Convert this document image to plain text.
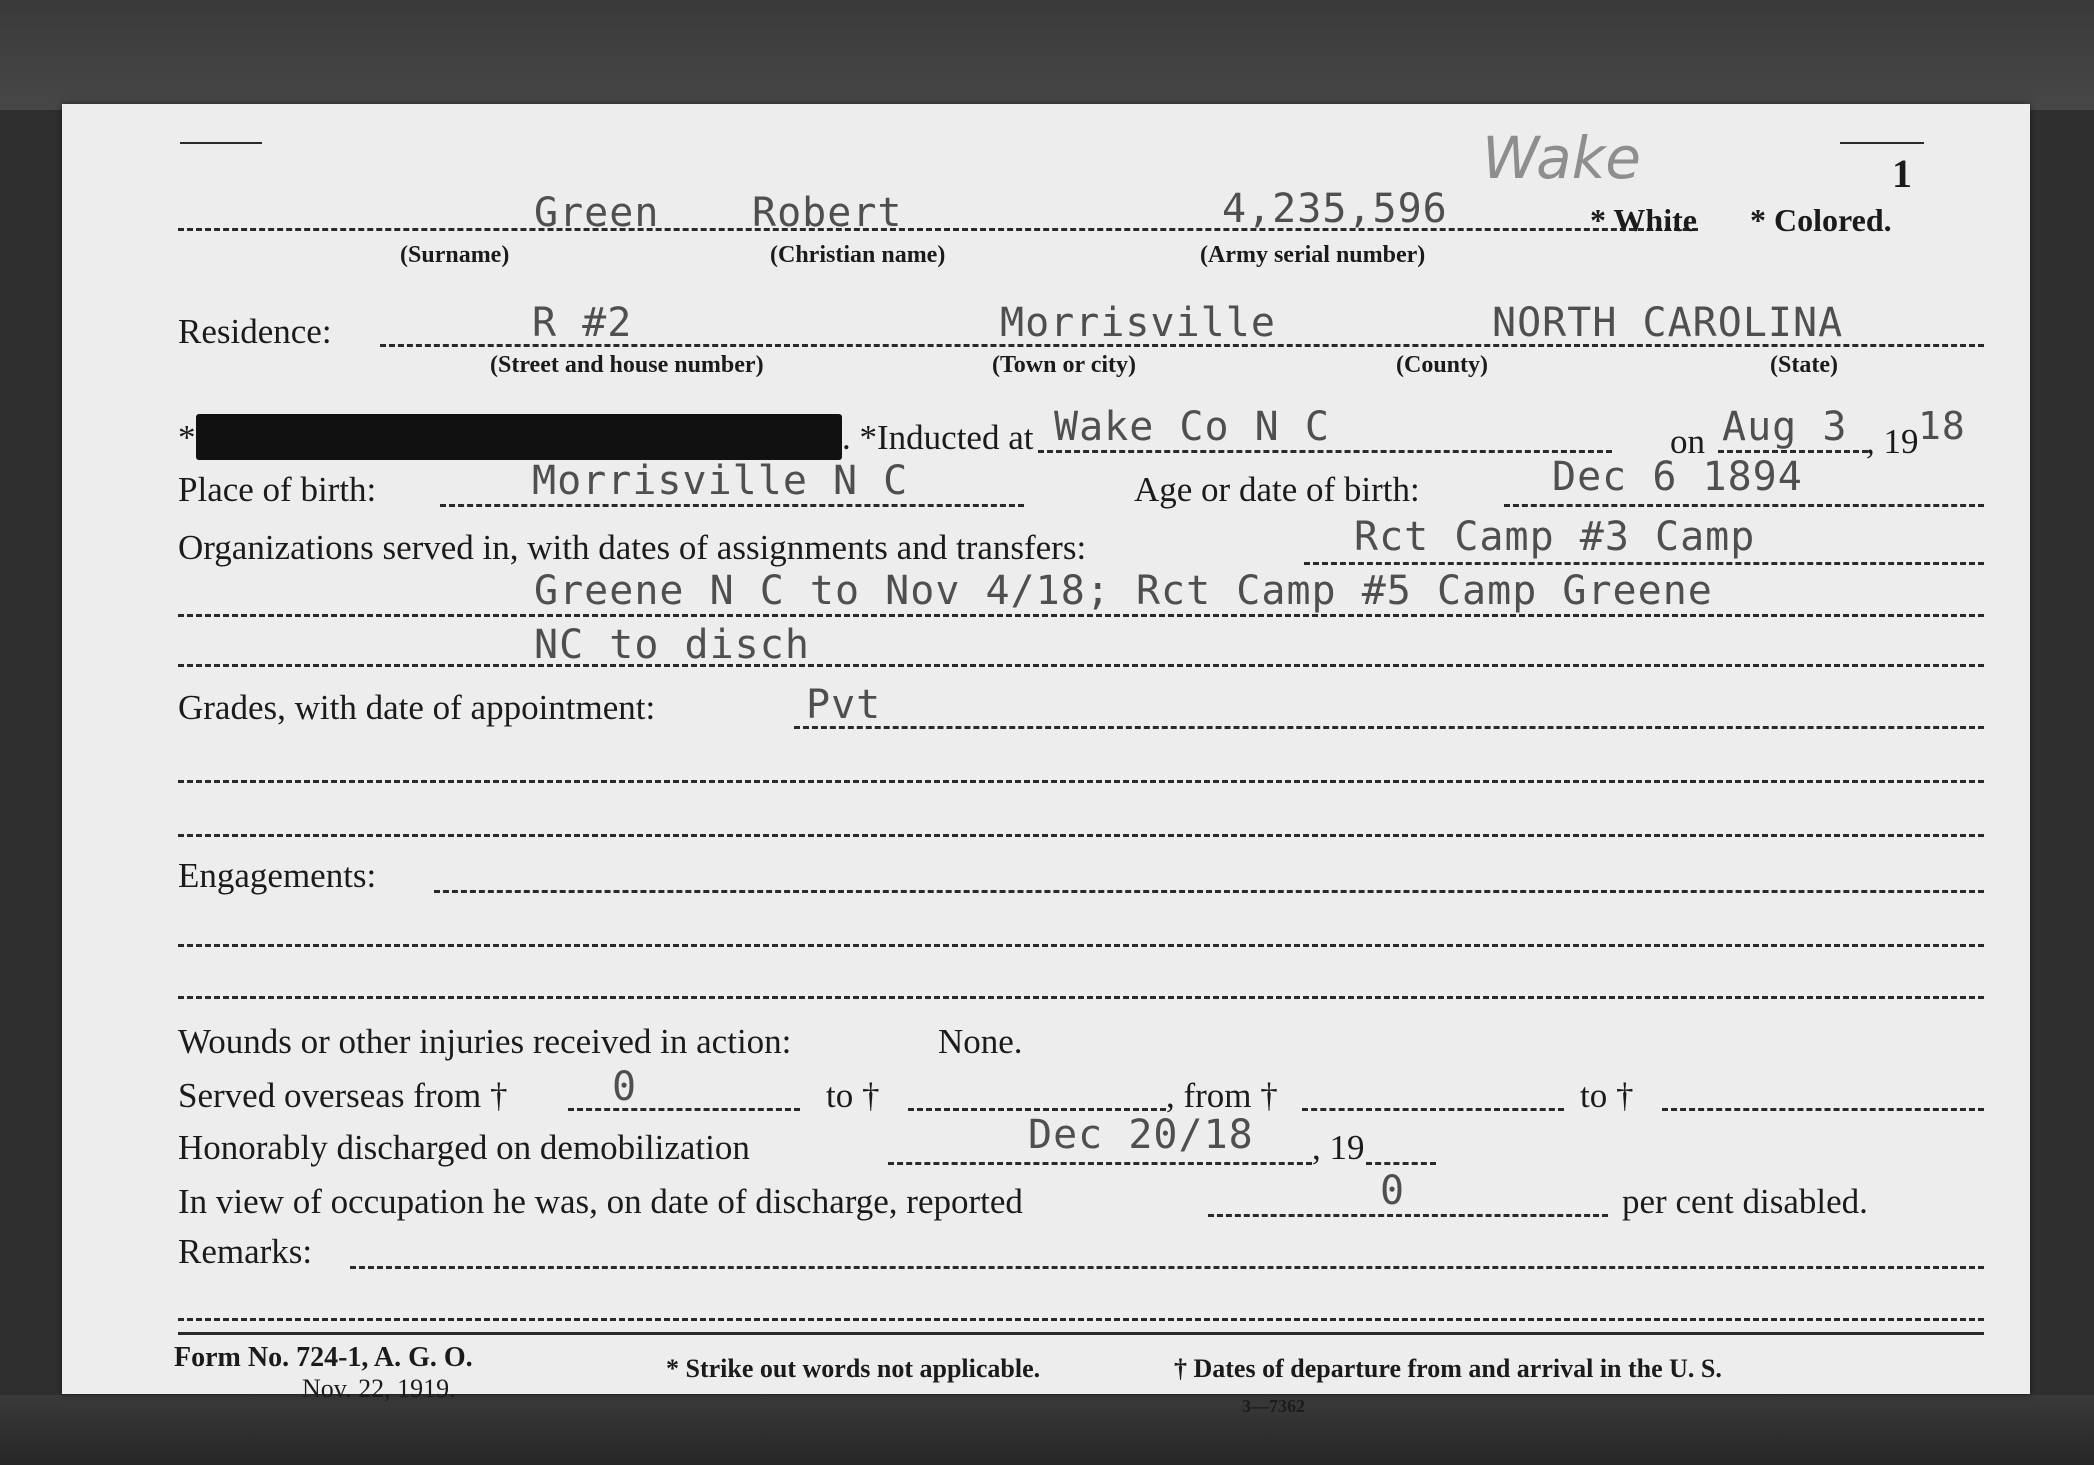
Wake	1
Green Robert	4,235,596	* White * Colored.
(Surname)	(Christian name)	(Army serial number)
Residence:	R #2	Morrisville	NORTH CAROLINA
(Street and house number)	(Town or city)	(County)	(State)
*	. *Inducted at Wake Co N C	on Aug 3 , 19 18
Place of birth:	Morrisville N C	Age or date of birth:	Dec 6 1894
Organizations served in, with dates of assignments and transfers:	Rct Camp #3 Camp
Greene N C to Nov 4/18; Rct Camp #5 Camp Greene
NC to disch
Grades, with date of appointment:	Pvt
Engagements:
Wounds or other injuries received in action:	None.
Served overseas from †	0	to †	, from †	to †
Honorably discharged on demobilization	Dec 20/18 , 19
In view of occupation he was, on date of discharge, reported	0	per cent disabled.
Remarks:
Form No. 724-1, A. G. O.
Nov. 22, 1919.
* Strike out words not applicable.	† Dates of departure from and arrival in the U. S.
3—7362
